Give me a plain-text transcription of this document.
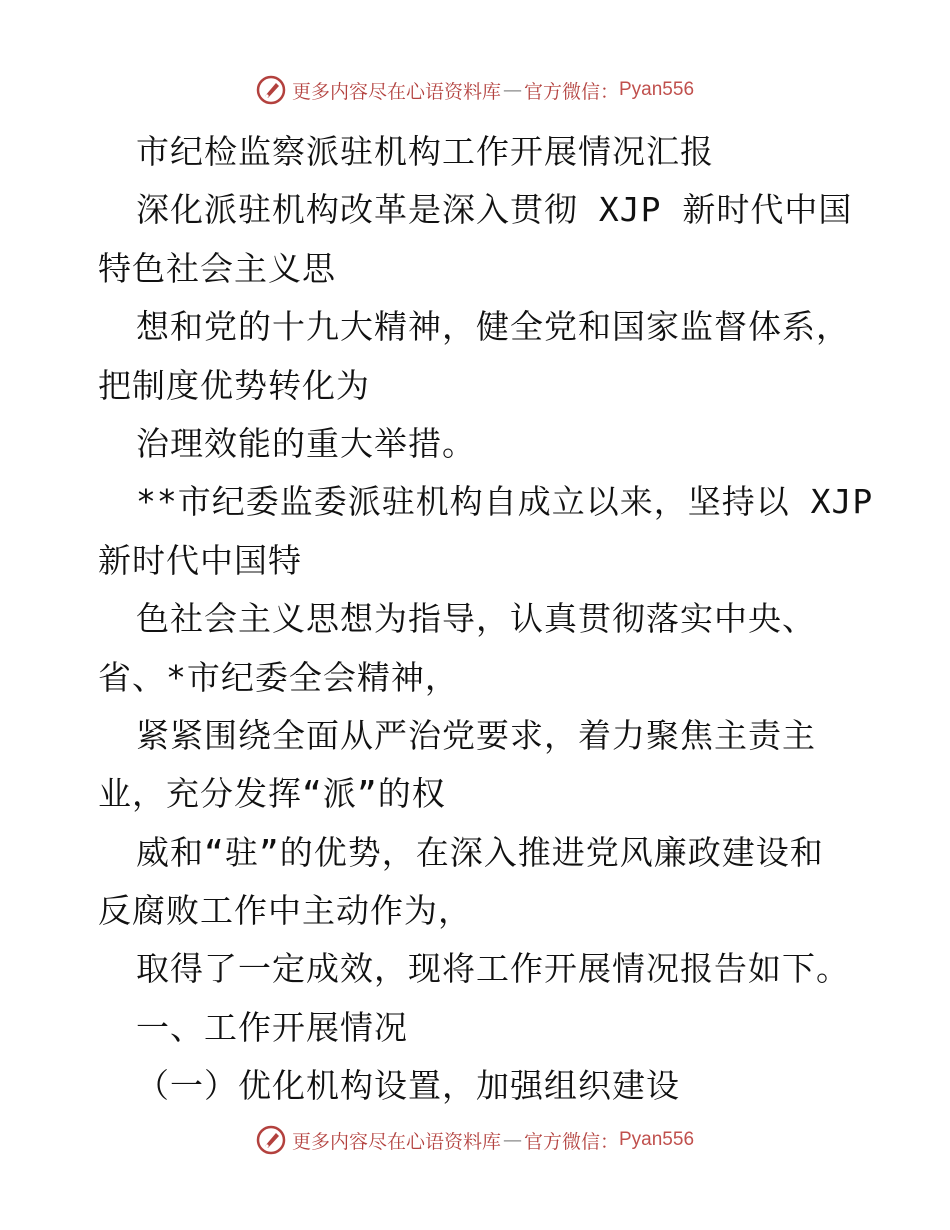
更多内容尽在心语资料库 — 官方微信： Pyan556
市纪检监察派驻机构工作开展情况汇报
深化派驻机构改革是深入贯彻 XJP 新时代中国
特色社会主义思
想和党的十九大精神，健全党和国家监督体系，
把制度优势转化为
治理效能的重大举措。
**市纪委监委派驻机构自成立以来，坚持以 XJP
新时代中国特
色社会主义思想为指导，认真贯彻落实中央、
省、*市纪委全会精神，
紧紧围绕全面从严治党要求，着力聚焦主责主
业，充分发挥“派”的权
威和“驻”的优势，在深入推进党风廉政建设和
反腐败工作中主动作为，
取得了一定成效，现将工作开展情况报告如下。
一、工作开展情况
（一）优化机构设置，加强组织建设
更多内容尽在心语资料库 — 官方微信： Pyan556
